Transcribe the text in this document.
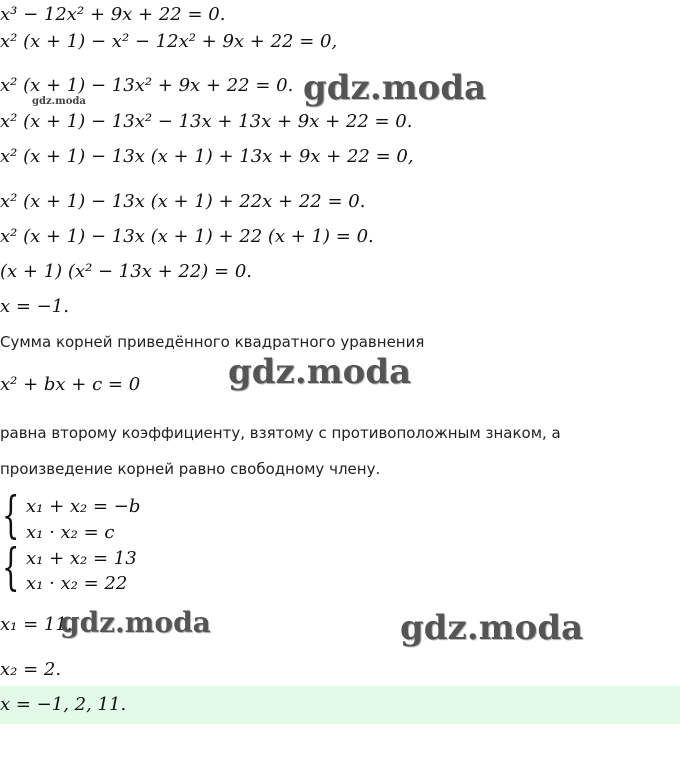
x³ − 12x² + 9x + 22 = 0.
x² (x + 1) − x² − 12x² + 9x + 22 = 0,
x² (x + 1) − 13x² + 9x + 22 = 0.
x² (x + 1) − 13x² − 13x + 13x + 9x + 22 = 0.
x² (x + 1) − 13x (x + 1) + 13x + 9x + 22 = 0,
x² (x + 1) − 13x (x + 1) + 22x + 22 = 0.
x² (x + 1) − 13x (x + 1) + 22 (x + 1) = 0.
(x + 1) (x² − 13x + 22) = 0.
x = −1.
Сумма корней приведённого квадратного уравнения
x² + bx + c = 0
равна второму коэффициенту, взятому с противоположным знаком, а
произведение корней равно свободному члену.
{ x₁ + x₂ = −b
x₁ · x₂ = c
{ x₁ + x₂ = 13
x₁ · x₂ = 22
x₁ = 11.
x₂ = 2.
x = −1, 2, 11.
gdz.moda
gdz.moda
gdz.moda
gdz.moda	gdz.moda
